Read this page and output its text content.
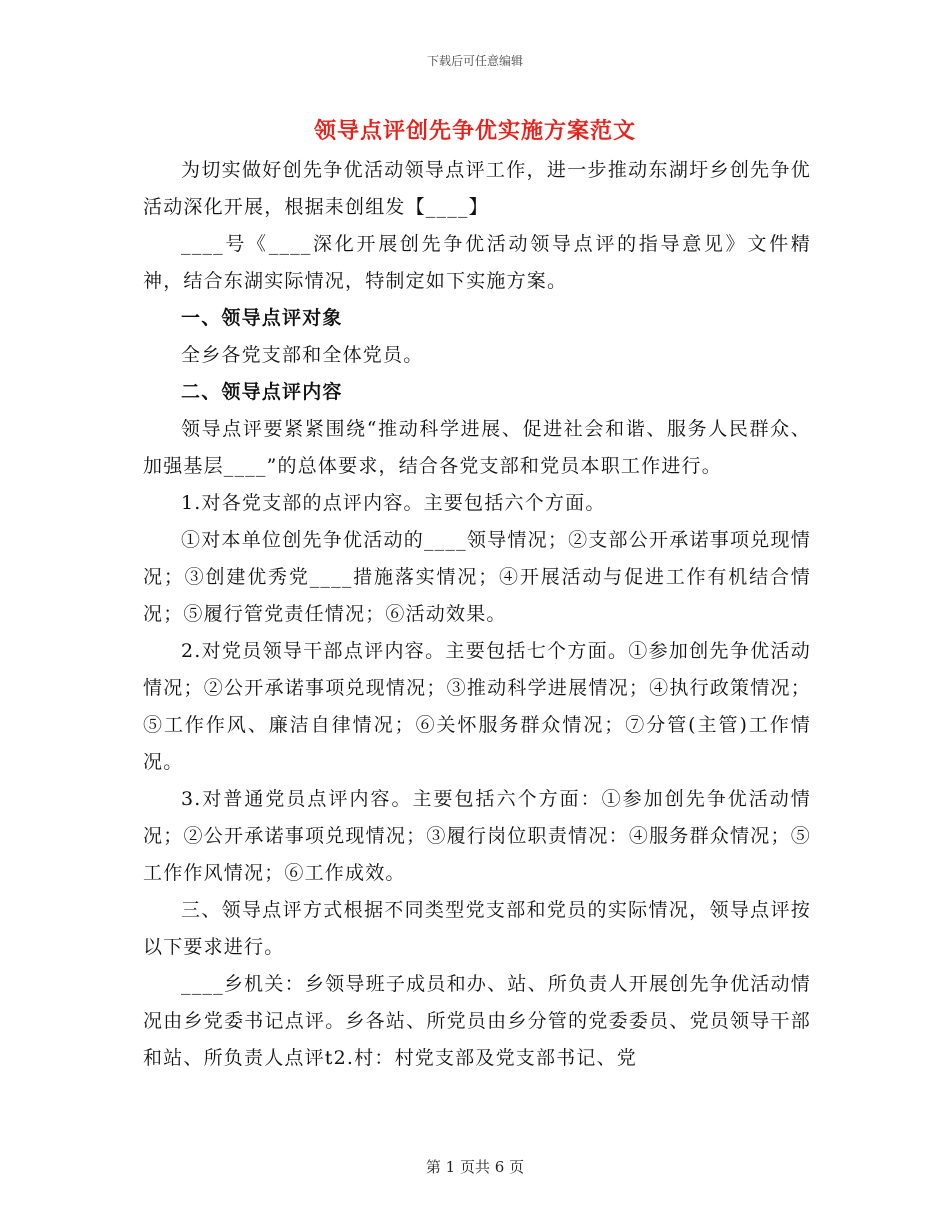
下载后可任意编辑
领导点评创先争优实施方案范文

为切实做好创先争优活动领导点评工作，进一步推动东湖圩乡创先争优活动深化开展，根据耒创组发【____】

____号《____深化开展创先争优活动领导点评的指导意见》文件精神，结合东湖实际情况，特制定如下实施方案。

一、领导点评对象

全乡各党支部和全体党员。

二、领导点评内容

领导点评要紧紧围绕“推动科学进展、促进社会和谐、服务人民群众、加强基层____”的总体要求，结合各党支部和党员本职工作进行。

1.对各党支部的点评内容。主要包括六个方面。

①对本单位创先争优活动的____领导情况；②支部公开承诺事项兑现情况；③创建优秀党____措施落实情况；④开展活动与促进工作有机结合情况；⑤履行管党责任情况；⑥活动效果。

2.对党员领导干部点评内容。主要包括七个方面。①参加创先争优活动情况；②公开承诺事项兑现情况；③推动科学进展情况；④执行政策情况；⑤工作作风、廉洁自律情况；⑥关怀服务群众情况；⑦分管(主管)工作情况。

3.对普通党员点评内容。主要包括六个方面：①参加创先争优活动情况；②公开承诺事项兑现情况；③履行岗位职责情况：④服务群众情况；⑤工作作风情况；⑥工作成效。

三、领导点评方式根据不同类型党支部和党员的实际情况，领导点评按以下要求进行。

____乡机关：乡领导班子成员和办、站、所负责人开展创先争优活动情况由乡党委书记点评。乡各站、所党员由乡分管的党委委员、党员领导干部和站、所负责人点评t2.村：村党支部及党支部书记、党

第 1 页共 6 页
